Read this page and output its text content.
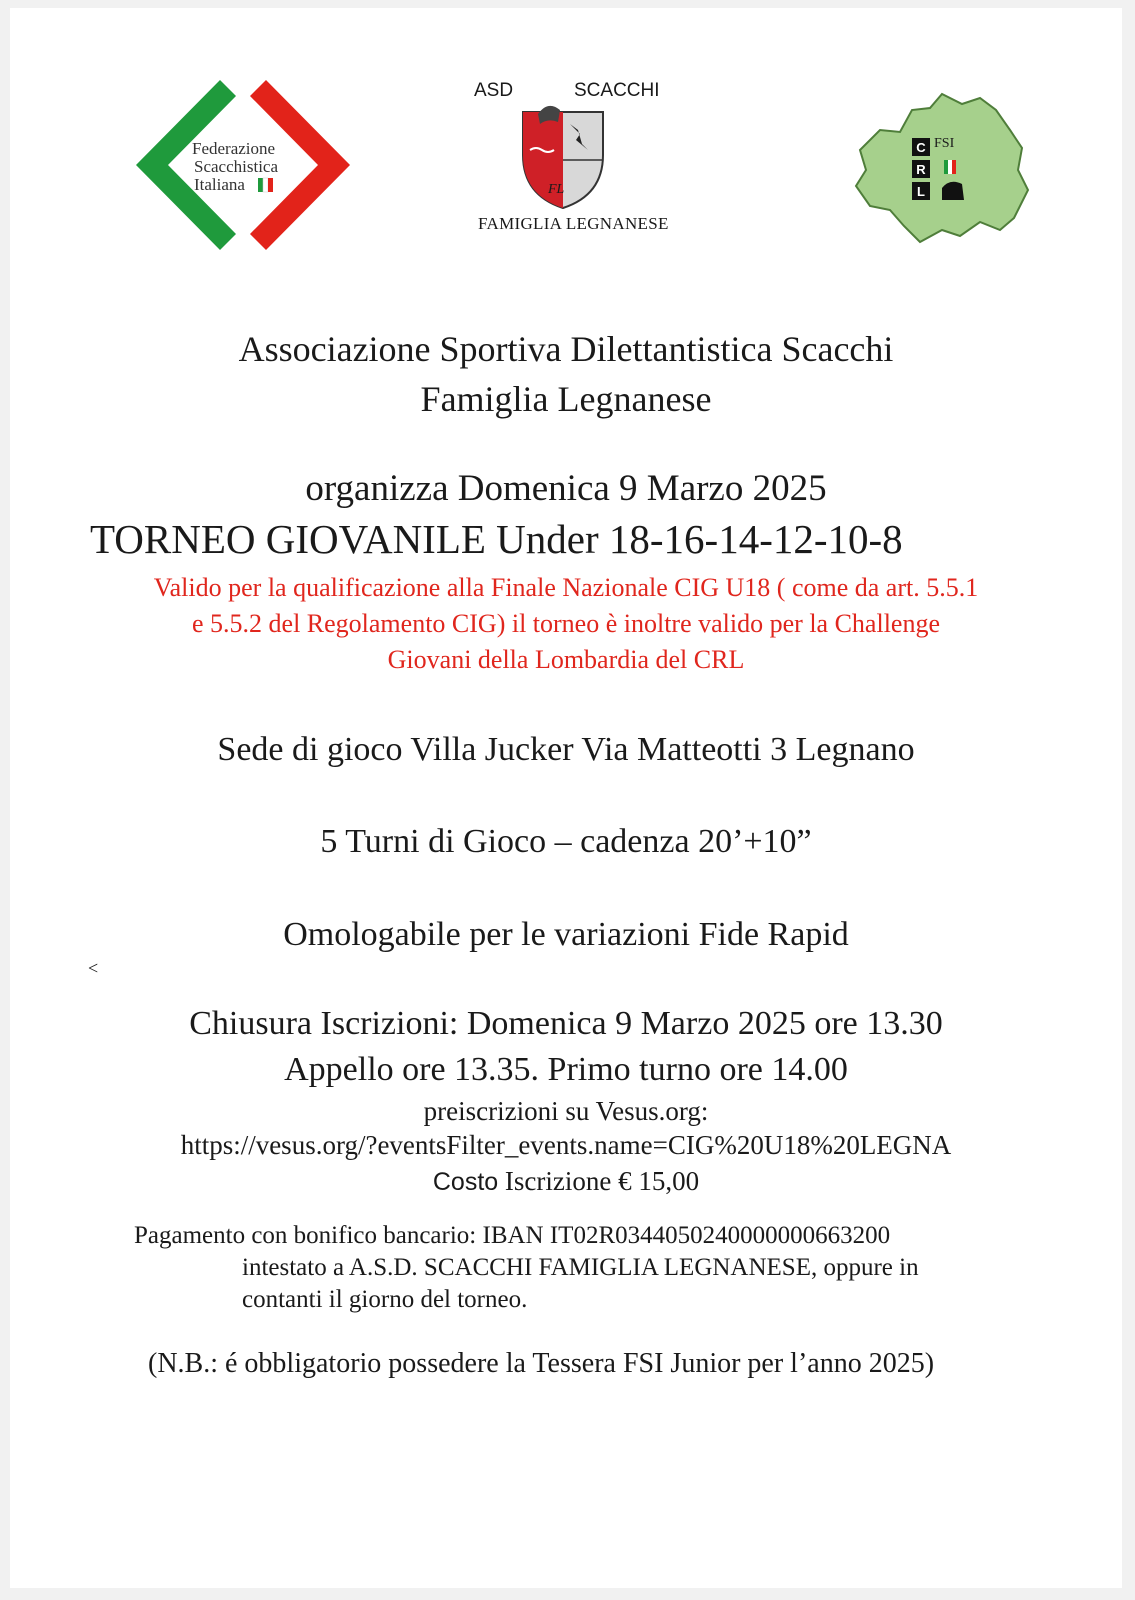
Federazione
Scacchistica
Italiana
ASD	SCACCHI
FL
FAMIGLIA LEGNANESE
C
R
L
FSI
Associazione Sportiva Dilettantistica Scacchi
Famiglia Legnanese
organizza Domenica 9 Marzo 2025
TORNEO GIOVANILE Under 18-16-14-12-10-8
Valido per la qualificazione alla Finale Nazionale CIG U18 ( come da art. 5.5.1
e 5.5.2 del Regolamento CIG) il torneo è inoltre valido per la Challenge
Giovani della Lombardia del CRL
Sede di gioco Villa Jucker Via Matteotti 3 Legnano
5 Turni di Gioco – cadenza 20’+10”
Omologabile per le variazioni Fide Rapid
<
Chiusura Iscrizioni: Domenica 9 Marzo 2025 ore 13.30
Appello ore 13.35. Primo turno ore 14.00
preiscrizioni su Vesus.org:
https://vesus.org/?eventsFilter_events.name=CIG%20U18%20LEGNA
Costo Iscrizione € 15,00
Pagamento con bonifico bancario: IBAN IT02R0344050240000000663200
intestato a A.S.D. SCACCHI FAMIGLIA LEGNANESE, oppure in
contanti il giorno del torneo.
(N.B.: é obbligatorio possedere la Tessera FSI Junior per l’anno 2025)
